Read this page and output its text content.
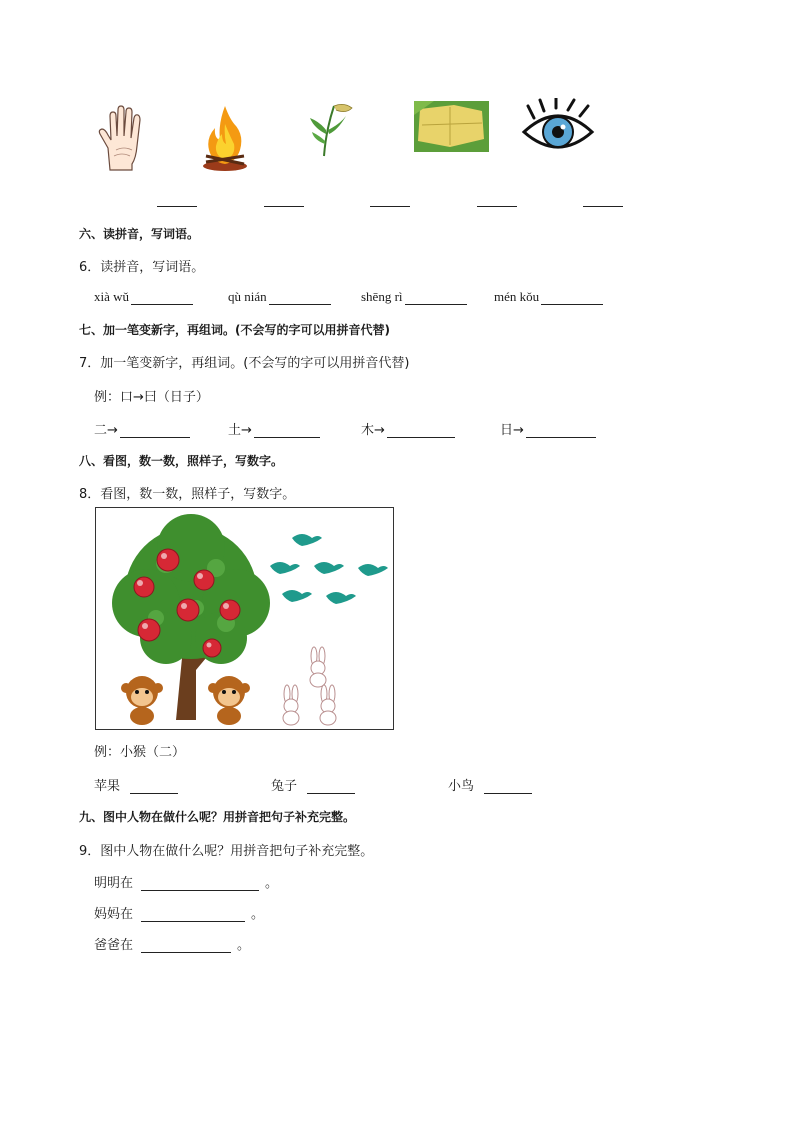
六、读拼音，写词语。
6．读拼音，写词语。
xià wǔ	qù nián	shēng rì	mén kǒu
七、加一笔变新字，再组词。(不会写的字可以用拼音代替)
7．加一笔变新字，再组词。(不会写的字可以用拼音代替)
例：口→曰（日子）
二→	土→	木→	日→
八、看图，数一数，照样子，写数字。
8．看图，数一数，照样子，写数字。
例：小猴（二）
苹果	兔子	小鸟
九、图中人物在做什么呢？用拼音把句子补充完整。
9．图中人物在做什么呢？用拼音把句子补充完整。
明明在	。
妈妈在	。
爸爸在	。
